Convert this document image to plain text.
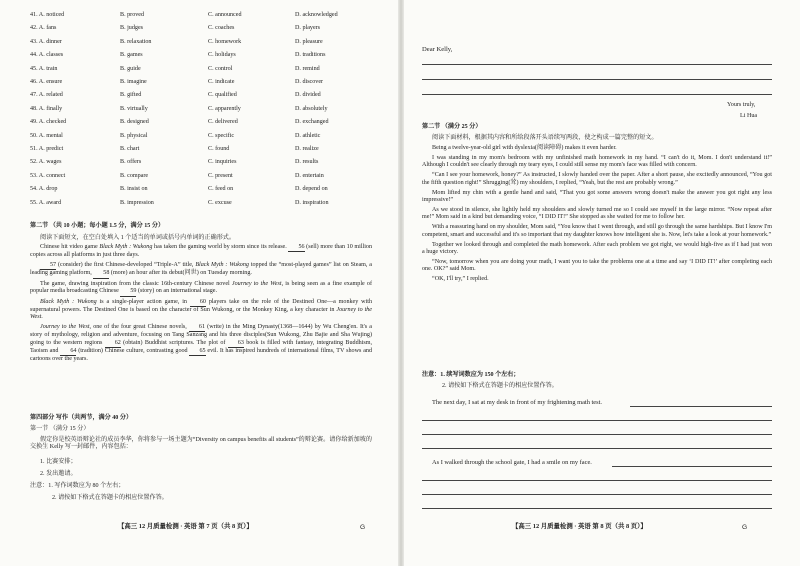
41. A. noticed	B. proved	C. announced	D. acknowledged
42. A. fans	B. judges	C. coaches	D. players
43. A. dinner	B. relaxation	C. homework	D. pleasure
44. A. classes	B. games	C. holidays	D. traditions
45. A. train	B. guide	C. control	D. remind
46. A. ensure	B. imagine	C. indicate	D. discover
47. A. related	B. gifted	C. qualified	D. divided
48. A. finally	B. virtually	C. apparently	D. absolutely
49. A. checked	B. designed	C. delivered	D. exchanged
50. A. mental	B. physical	C. specific	D. athletic
51. A. predict	B. chart	C. found	D. realize
52. A. wages	B. offers	C. inquiries	D. results
53. A. connect	B. compare	C. present	D. entertain
54. A. drop	B. insist on	C. feed on	D. depend on
55. A. award	B. impression	C. excuse	D. inspiration
第二节 （共 10 小题；每小题 1.5 分，满分 15 分）
阅读下面短文，在空白处填入 1 个适当的单词或括号内单词的正确形式。

Chinese hit video game Black Myth : Wukong has taken the gaming world by storm since its release. 56 (sell) more than 10 million copies across all platforms in just three days.

57 (consider) the first Chinese-developed “Triple-A” title, Black Myth : Wukong topped the “most-played games” list on Steam, a leading gaming platform, 58 (more) an hour after its debut(问世) on Tuesday morning.

The game, drawing inspiration from the classic 16th-century Chinese novel Journey to the West, is being seen as a fine example of popular media broadcasting Chinese 59 (story) on an international stage.

Black Myth : Wukong is a single-player action game, in 60 players take on the role of the Destined One—a monkey with supernatural powers. The Destined One is based on the character of Sun Wukong, or the Monkey King, a key character in Journey to the West.

Journey to the West, one of the four great Chinese novels, 61 (write) in the Ming Dynasty(1368—1644) by Wu Cheng'en. It's a story of mythology, religion and adventure, focusing on Tang Sanzang and his three disciples(Sun Wukong, Zhu Bajie and Sha Wujing) going to the western regions 62 (obtain) Buddhist scriptures. The plot of 63 book is filled with fantasy, integrating Buddhism, Taoism and 64 (tradition) Chinese culture, contrasting good 65 evil. It has inspired hundreds of international films, TV shows and cartoons over the years.

第四部分 写作（共两节，满分 40 分）
第一节 （满分 15 分）

假定你是校英语辩论社的成员李华，你将参与一场主题为“Diversity on campus benefits all students”的辩论赛。请你给新加坡的交换生 Kelly 写一封邮件，内容包括：

1. 比赛安排；
2. 发出邀请。
注意：1. 写作词数应为 80 个左右；
2. 请按如下格式在答题卡的相应位置作答。
【高三 12 月质量检测 · 英语 第 7 页（共 8 页）】	G
Dear Kelly,
Yours truly,
Li Hua
第二节 （满分 25 分）
阅读下面材料，根据其内容和所给段落开头语续写两段，使之构成一篇完整的短文。

Being a twelve-year-old girl with dyslexia(阅读障碍) makes it even harder.

I was standing in my mom's bedroom with my unfinished math homework in my hand. “I can't do it, Mom. I don't understand it!” Although I couldn't see clearly through my teary eyes, I could still sense my mom's face was filled with concern.

“Can I see your homework, honey?” As instructed, I slowly handed over the paper. After a short pause, she excitedly announced, “You got the fifth question right!” Shrugging(耸) my shoulders, I replied, “Yeah, but the rest are probably wrong.”

Mom lifted my chin with a gentle hand and said, “That you got some answers wrong doesn't make the answer you got right any less impressive!”

As we stood in silence, she lightly held my shoulders and slowly turned me so I could see myself in the large mirror. “Now repeat after me!” Mom said in a kind but demanding voice, “I DID IT!” She stopped as she waited for me to follow her.

With a reassuring hand on my shoulder, Mom said, “You know that I went through, and still go through the same hardships. But I know I'm competent, smart and successful and it's so important that my daughter knows how intelligent she is. Now, let's take a look at your homework.”

Together we looked through and completed the math homework. After each problem we got right, we would high-five as if I had just won a huge victory.

“Now, tomorrow when you are doing your math, I want you to take the problems one at a time and say ‘I DID IT!’ after completing each one. OK?” said Mom.

“OK, I'll try,” I replied.

注意：1. 续写词数应为 150 个左右；
2. 请按如下格式在答题卡的相应位置作答。
The next day, I sat at my desk in front of my frightening math test.
As I walked through the school gate, I had a smile on my face.
【高三 12 月质量检测 · 英语 第 8 页（共 8 页）】	G
